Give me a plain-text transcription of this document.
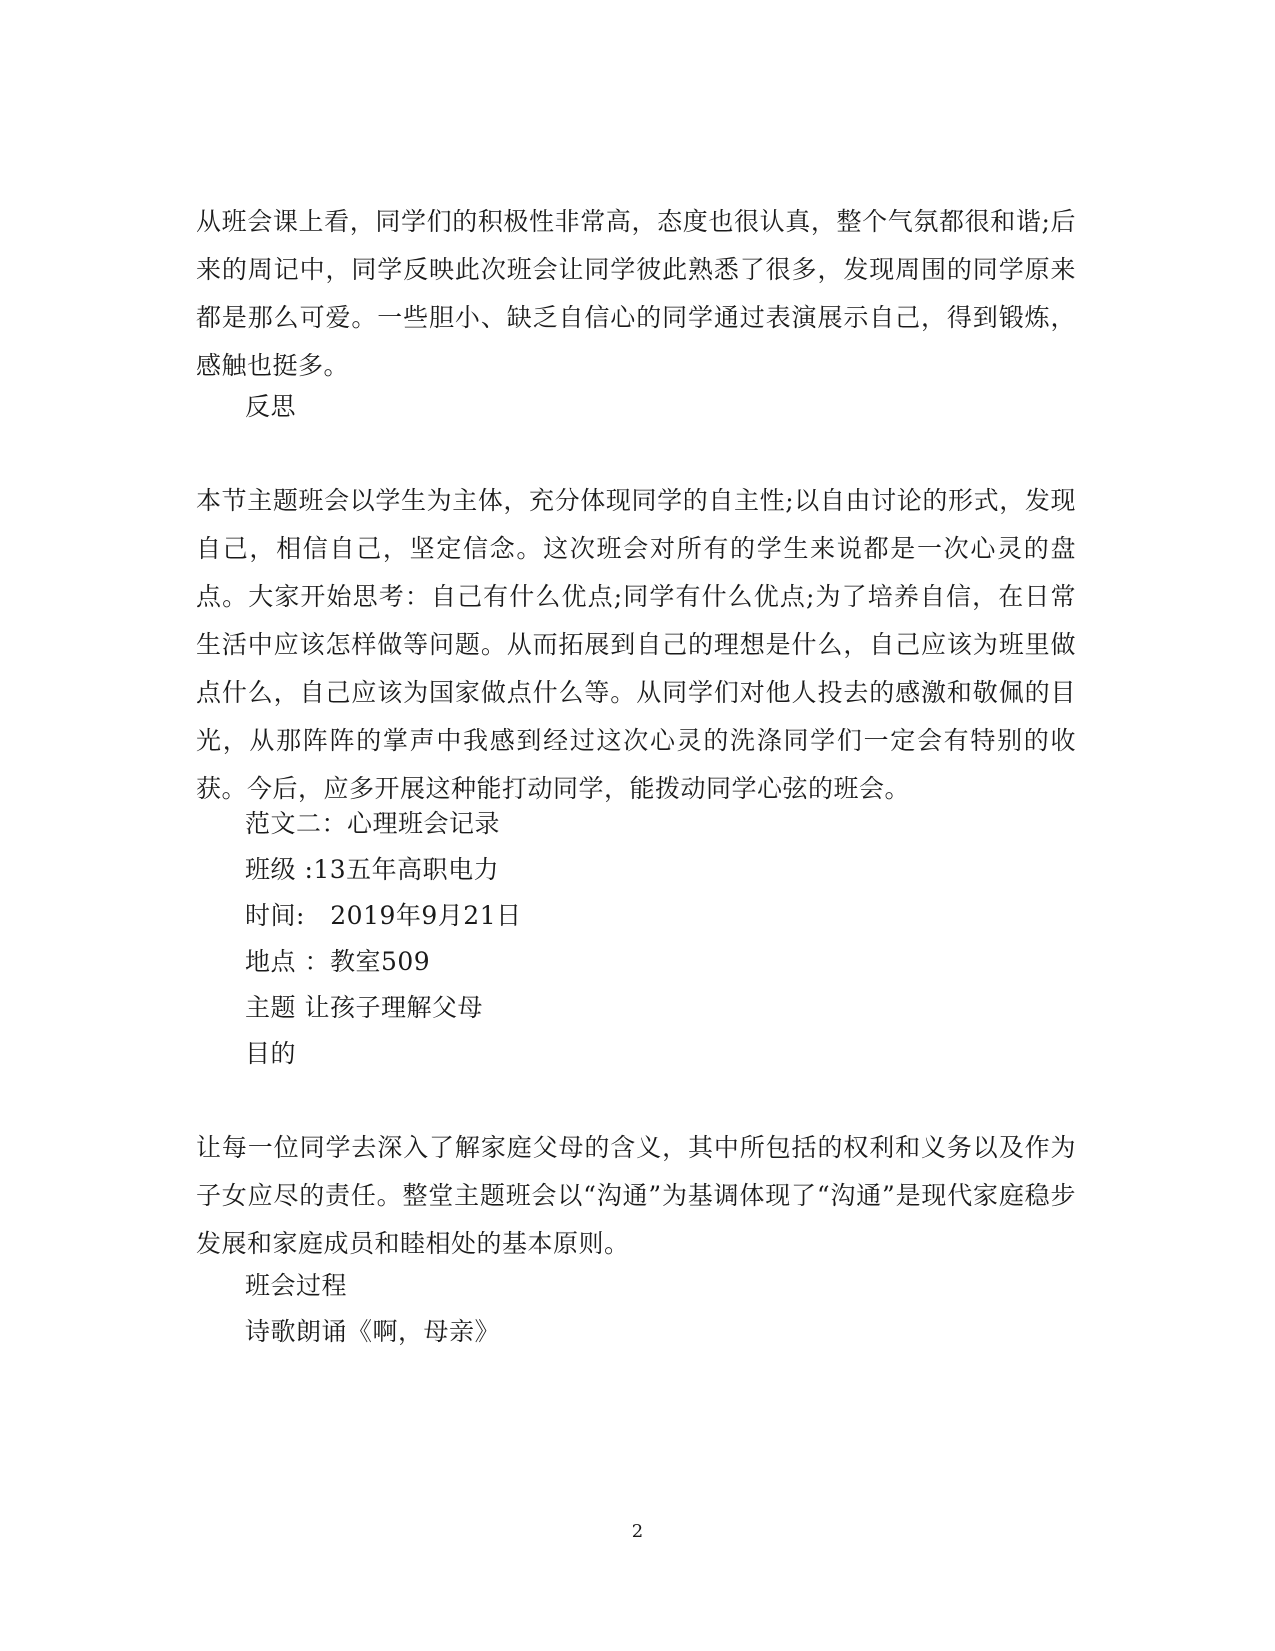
从班会课上看，同学们的积极性非常高，态度也很认真，整个气氛都很和谐;后来的周记中，同学反映此次班会让同学彼此熟悉了很多，发现周围的同学原来都是那么可爱。一些胆小、缺乏自信心的同学通过表演展示自己，得到锻炼，感触也挺多。

反思

本节主题班会以学生为主体，充分体现同学的自主性;以自由讨论的形式，发现自己，相信自己，坚定信念。这次班会对所有的学生来说都是一次心灵的盘点。大家开始思考：自己有什么优点;同学有什么优点;为了培养自信，在日常生活中应该怎样做等问题。从而拓展到自己的理想是什么，自己应该为班里做点什么，自己应该为国家做点什么等。从同学们对他人投去的感激和敬佩的目光，从那阵阵的掌声中我感到经过这次心灵的洗涤同学们一定会有特别的收获。今后，应多开展这种能打动同学，能拨动同学心弦的班会。

范文二：心理班会记录

班级 :13五年高职电力

时间:   2019年9月21日

地点 ：教室509

主题 让孩子理解父母

目的

让每一位同学去深入了解家庭父母的含义，其中所包括的权利和义务以及作为子女应尽的责任。整堂主题班会以“沟通”为基调体现了“沟通”是现代家庭稳步发展和家庭成员和睦相处的基本原则。

班会过程

诗歌朗诵《啊，母亲》

2
